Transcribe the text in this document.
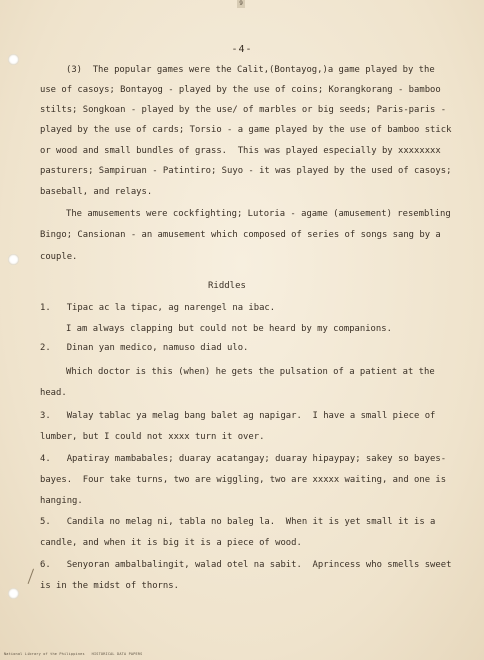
9
-4-
(3)  The popular games were the Calit,(Bontayog,)a game played by the
use of casoys; Bontayog - played by the use of coins; Korangkorang - bamboo
stilts; Songkoan - played by the use/ of marbles or big seeds; Paris-paris -
played by the use of cards; Torsio - a game played by the use of bamboo stick
or wood and small bundles of grass.  This was played especially by xxxxxxxx
pasturers; Sampiruan - Patintiro; Suyo - it was played by the used of casoys;
baseball, and relays.
The amusements were cockfighting; Lutoria - agame (amusement) resembling
Bingo; Cansionan - an amusement which composed of series of songs sang by a
couple.
Riddles
1.   Tipac ac la tipac, ag narengel na ibac.
I am always clapping but could not be heard by my companions.
2.   Dinan yan medico, namuso diad ulo.
Which doctor is this (when) he gets the pulsation of a patient at the
head.
3.   Walay tablac ya melag bang balet ag napigar.  I have a small piece of
lumber, but I could not xxxx turn it over.
4.   Apatiray mambabales; duaray acatangay; duaray hipaypay; sakey so bayes-
bayes.  Four take turns, two are wiggling, two are xxxxx waiting, and one is
hanging.
5.   Candila no melag ni, tabla no baleg la.  When it is yet small it is a
candle, and when it is big it is a piece of wood.
6.   Senyoran ambalbalingit, walad otel na sabit.  Aprincess who smells sweet
is in the midst of thorns.
National Library of the Philippines   HISTORICAL DATA PAPERS
